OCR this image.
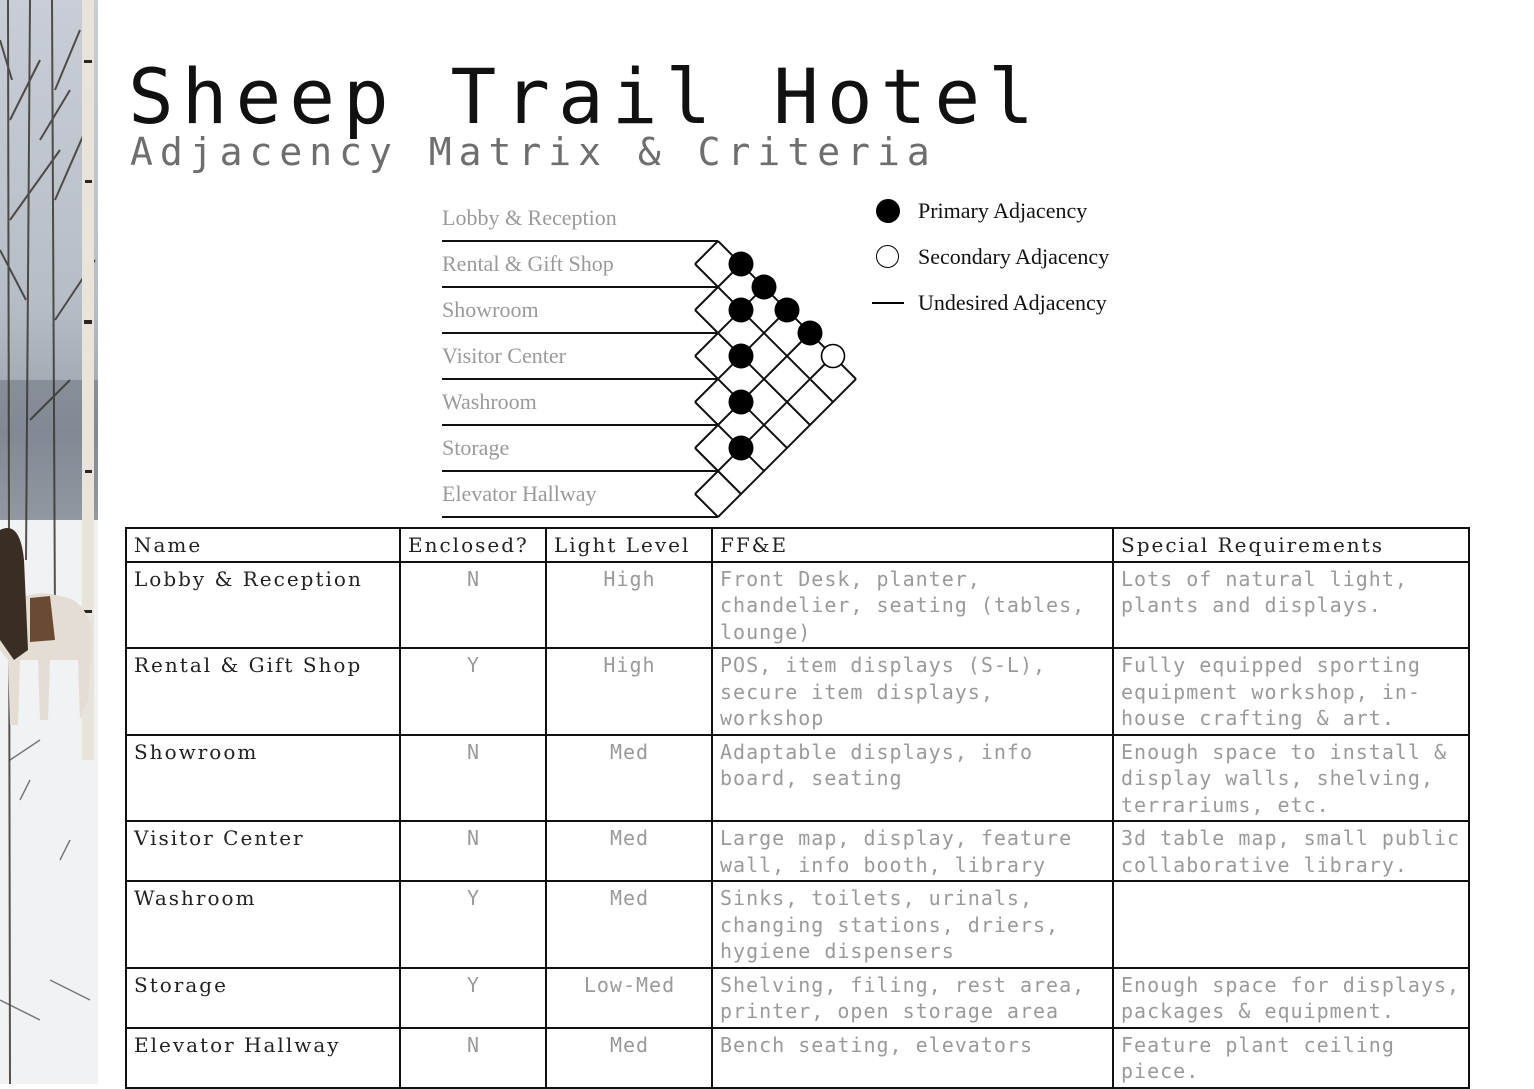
Sheep Trail Hotel
Adjacency Matrix & Criteria
Lobby & Reception
Rental & Gift Shop
Showroom
Visitor Center
Washroom
Storage
Elevator Hallway
Primary Adjacency
Secondary Adjacency
Undesired Adjacency
Name	Enclosed?	Light Level	FF&E	Special Requirements
Lobby & Reception	N	High	Front Desk, planter, chandelier, seating (tables, lounge)	Lots of natural light, plants and displays.
Rental & Gift Shop	Y	High	POS, item displays (S-L), secure item displays, workshop	Fully equipped sporting equipment workshop, in-house crafting & art.
Showroom	N	Med	Adaptable displays, info board, seating	Enough space to install & display walls, shelving, terrariums, etc.
Visitor Center	N	Med	Large map, display, feature wall, info booth, library	3d table map, small public collaborative library.
Washroom	Y	Med	Sinks, toilets, urinals, changing stations, driers, hygiene dispensers	
Storage	Y	Low-Med	Shelving, filing, rest area, printer, open storage area	Enough space for displays, packages & equipment.
Elevator Hallway	N	Med	Bench seating, elevators	Feature plant ceiling piece.
